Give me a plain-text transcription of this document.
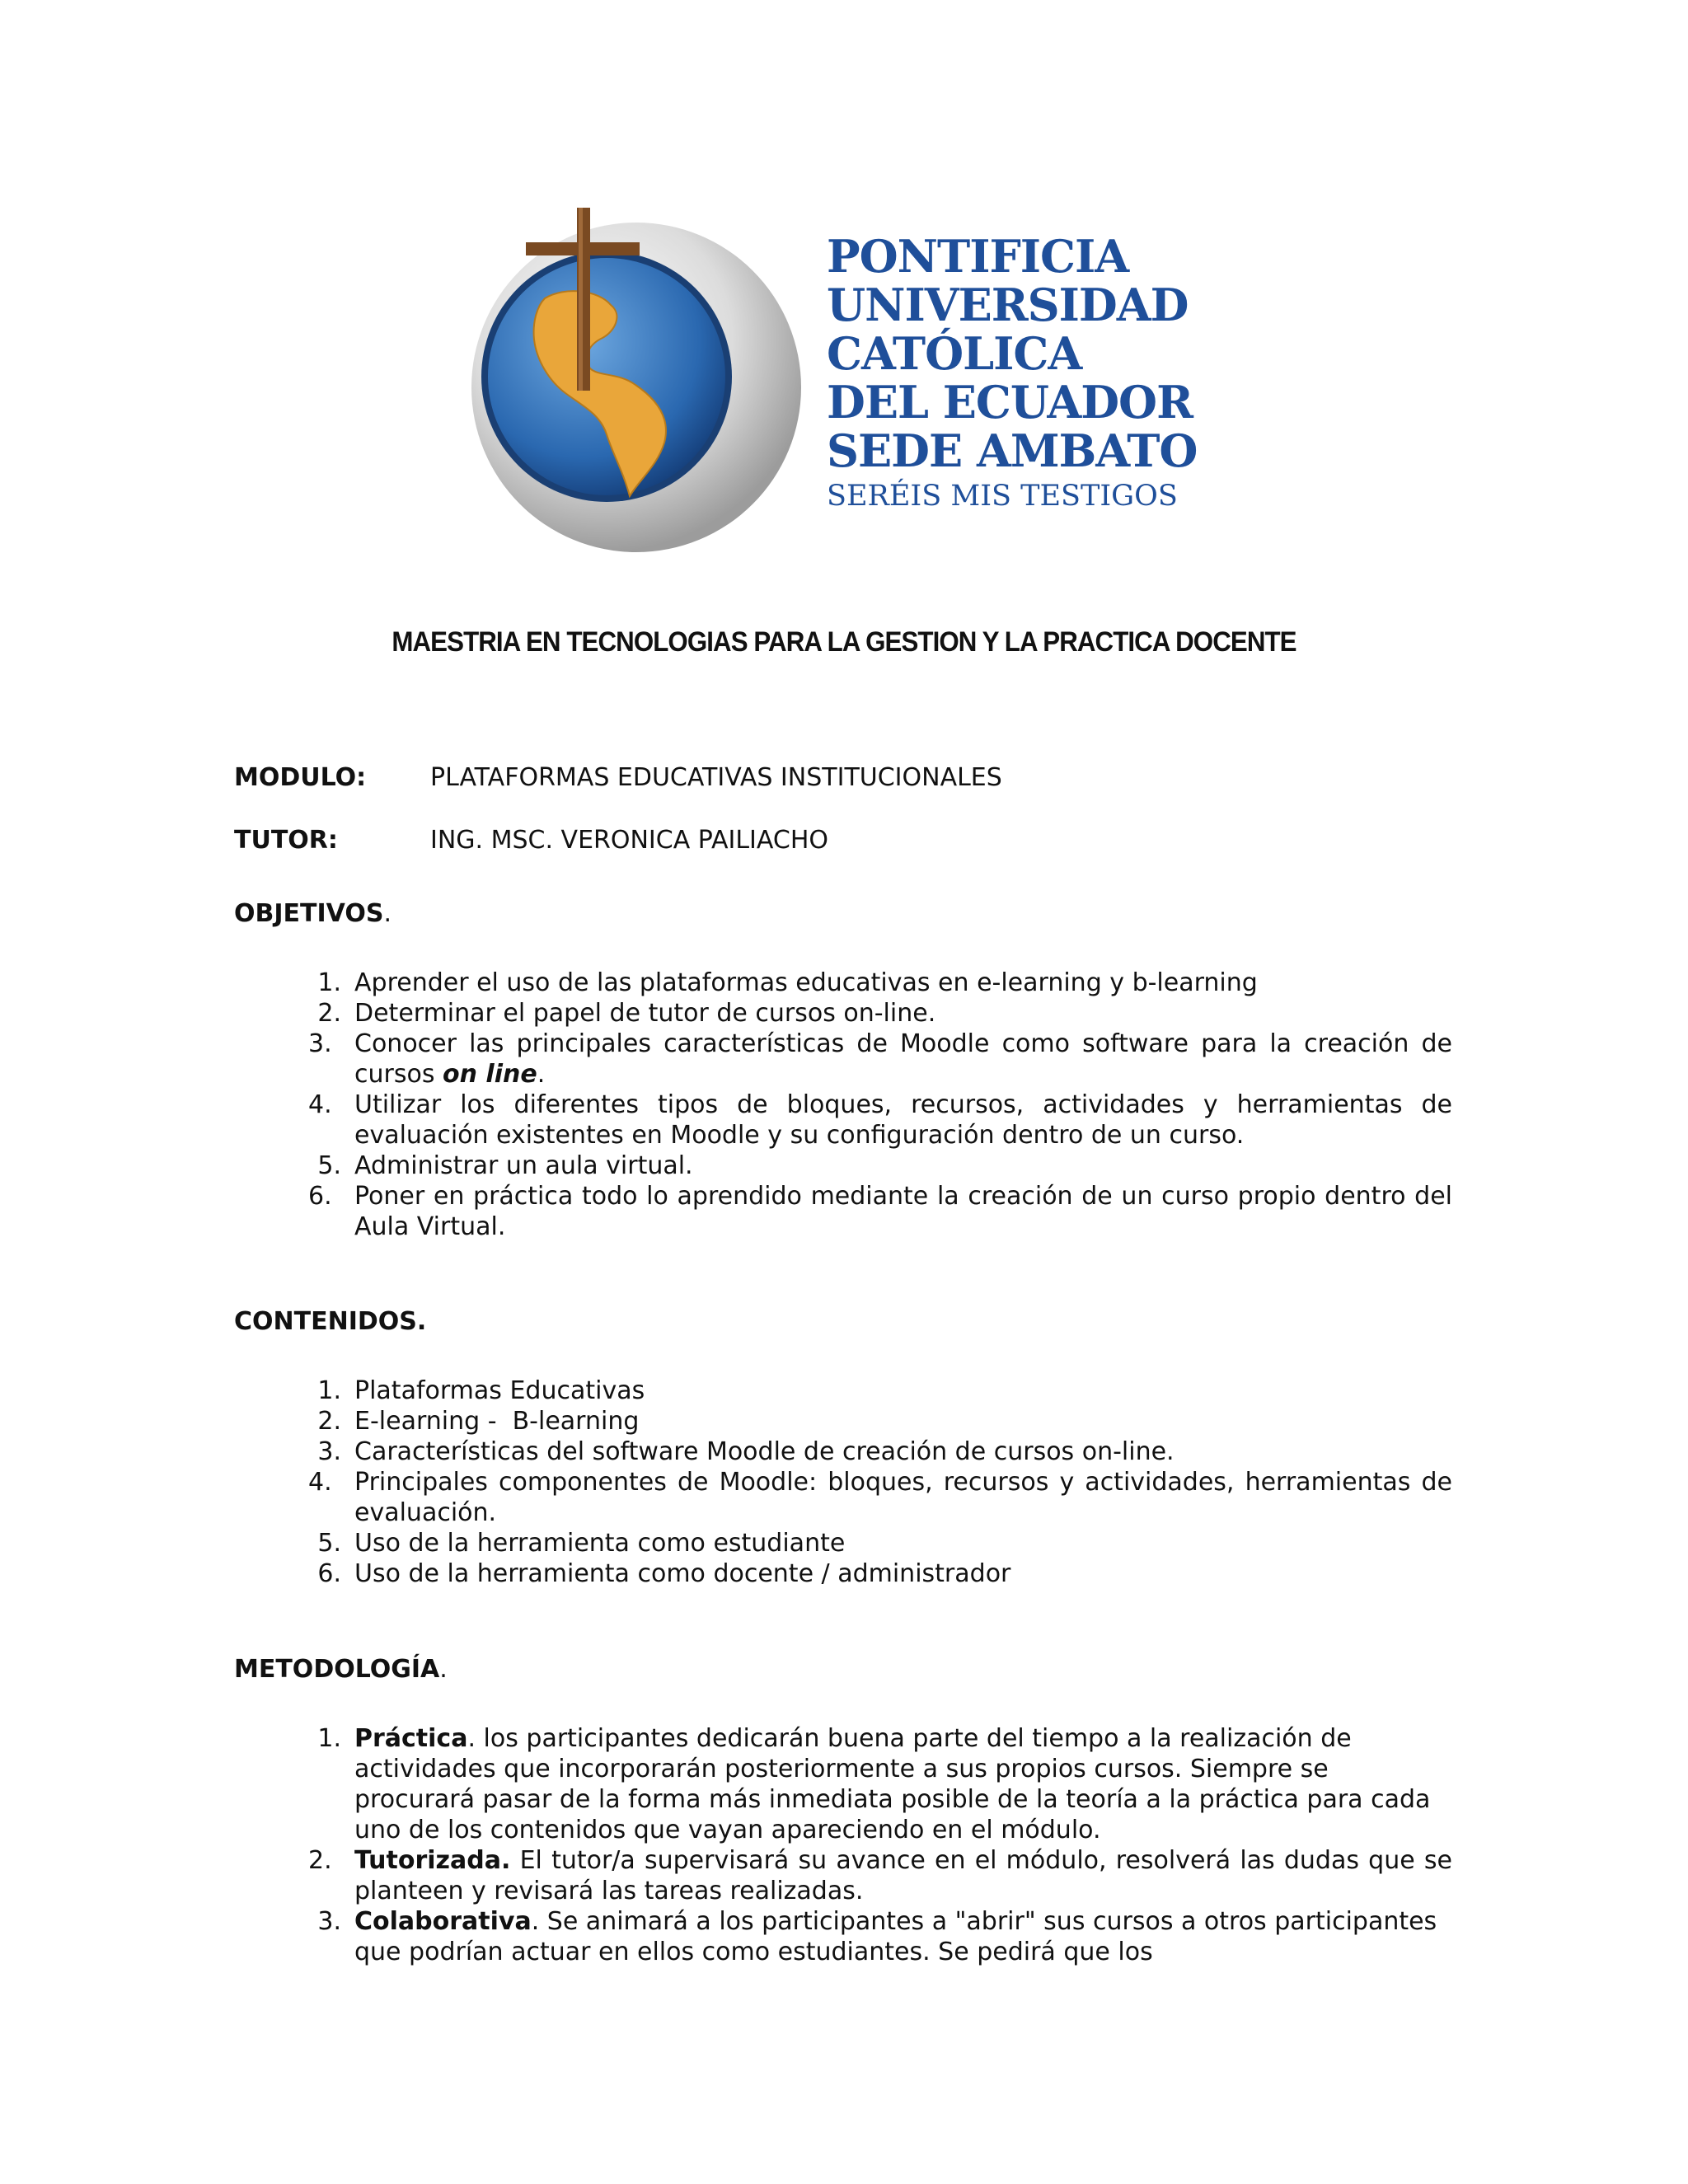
PONTIFICIA
UNIVERSIDAD
CATÓLICA
DEL ECUADOR
SEDE AMBATO
SERÉIS MIS TESTIGOS
MAESTRIA EN TECNOLOGIAS PARA LA GESTION Y LA PRACTICA DOCENTE
MODULO:	PLATAFORMAS EDUCATIVAS INSTITUCIONALES
TUTOR:	ING. MSC. VERONICA PAILIACHO
OBJETIVOS.
1. Aprender el uso de las plataformas educativas en e-learning y b-learning
2. Determinar el papel de tutor de cursos on-line.
3. Conocer las principales características de Moodle como software para la creación de cursos on line.
4. Utilizar los diferentes tipos de bloques, recursos, actividades y herramientas de evaluación existentes en Moodle y su configuración dentro de un curso.
5. Administrar un aula virtual.
6. Poner en práctica todo lo aprendido mediante la creación de un curso propio dentro del Aula Virtual.
CONTENIDOS.
1. Plataformas Educativas
2. E-learning -  B-learning
3. Características del software Moodle de creación de cursos on-line.
4. Principales componentes de Moodle: bloques, recursos y actividades, herramientas de evaluación.
5. Uso de la herramienta como estudiante
6. Uso de la herramienta como docente / administrador
METODOLOGÍA.
1. Práctica. los participantes dedicarán buena parte del tiempo a la realización de actividades que incorporarán posteriormente a sus propios cursos. Siempre se procurará pasar de la forma más inmediata posible de la teoría a la práctica para cada uno de los contenidos que vayan apareciendo en el módulo.
2. Tutorizada. El tutor/a supervisará su avance en el módulo, resolverá las dudas que se planteen y revisará las tareas realizadas.
3. Colaborativa. Se animará a los participantes a "abrir" sus cursos a otros participantes que podrían actuar en ellos como estudiantes. Se pedirá que los
